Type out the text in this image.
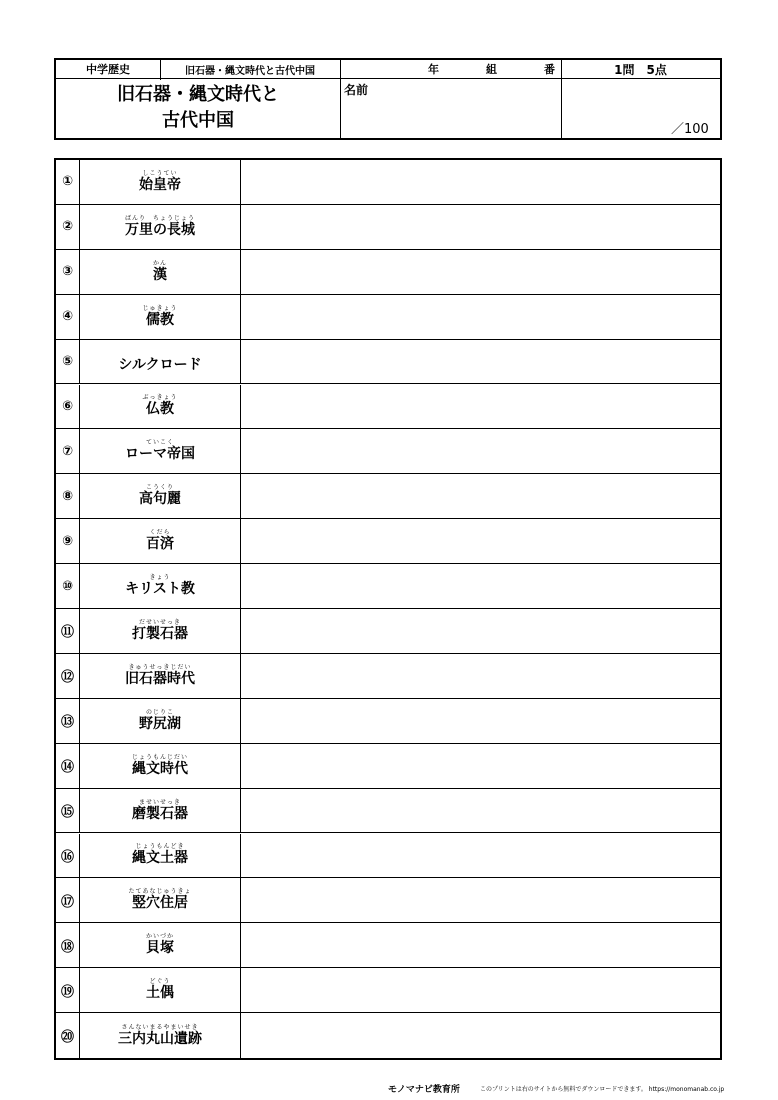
中学歴史	旧石器・縄文時代と古代中国	年	組	番	1問　5点
旧石器・縄文時代と
古代中国
名前
／100
①
しこうてい
始皇帝
②
ばんり　ちょうじょう
万里の長城
③
かん
漢
④
じゅきょう
儒教
⑤	シルクロード
⑥
ぶっきょう
仏教
⑦
ていこく
ローマ帝国
⑧
こうくり
高句麗
⑨
くだら
百済
⑩
きょう
キリスト教
⑪
だせいせっき
打製石器
⑫
きゅうせっきじだい
旧石器時代
⑬
のじりこ
野尻湖
⑭
じょうもんじだい
縄文時代
⑮
ませいせっき
磨製石器
⑯
じょうもんどき
縄文土器
⑰
たてあなじゅうきょ
竪穴住居
⑱
かいづか
貝塚
⑲
どぐう
土偶
⑳
さんないまるやまいせき
三内丸山遺跡
モノマナビ教育所	このプリントは右のサイトから無料でダウンロードできます。 https://monomanab.co.jp
